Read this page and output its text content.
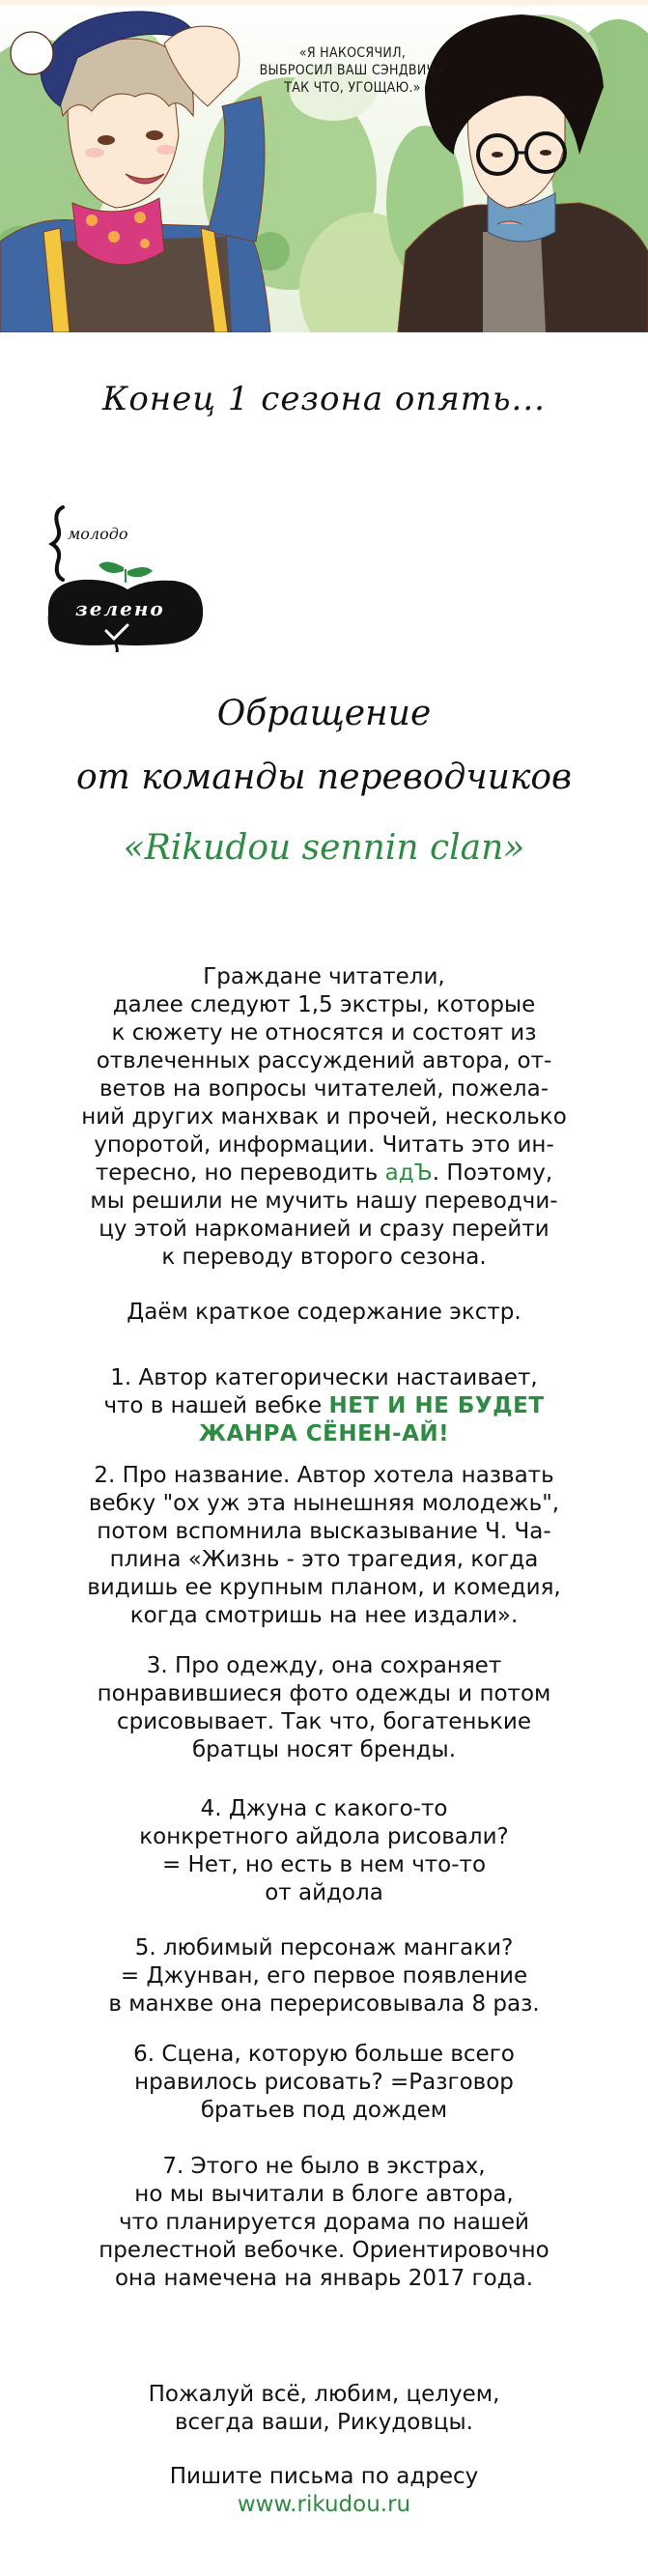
«Я НАКОСЯЧИЛ,
ВЫБРОСИЛ ВАШ СЭНДВИЧ~
ТАК ЧТО, УГОЩАЮ.»
Конец 1 сезона опять...
молодо
зелено
Обращение
от команды переводчиков
«Rikudou sennin clan»
Граждане читатели,
далее следуют 1,5 экстры, которые
к сюжету не относятся и состоят из
отвлеченных рассуждений автора, от-
ветов на вопросы читателей, пожела-
ний других манхвак и прочей, несколько
упоротой, информации. Читать это ин-
тересно, но переводить адЪ. Поэтому,
мы решили не мучить нашу переводчи-
цу этой наркоманией и сразу перейти
к переводу второго сезона.
Даём краткое содержание экстр.
1. Автор категорически настаивает,
что в нашей вебке НЕТ И НЕ БУДЕТ
ЖАНРА СЁНЕН-АЙ!
2. Про название. Автор хотела назвать
вебку "ох уж эта нынешняя молодежь",
потом вспомнила высказывание Ч. Ча-
плина «Жизнь - это трагедия, когда
видишь ее крупным планом, и комедия,
когда смотришь на нее издали».
3. Про одежду, она сохраняет
понравившиеся фото одежды и потом
срисовывает. Так что, богатенькие
братцы носят бренды.
4. Джуна с какого-то
конкретного айдола рисовали?
= Нет, но есть в нем что-то
от айдола
5. любимый персонаж мангаки?
= Джунван, его первое появление
в манхве она перерисовывала 8 раз.
6. Сцена, которую больше всего
нравилось рисовать? =Разговор
братьев под дождем
7. Этого не было в экстрах,
но мы вычитали в блоге автора,
что планируется дорама по нашей
прелестной вебочке. Ориентировочно
она намечена на январь 2017 года.
Пожалуй всё, любим, целуем,
всегда ваши, Рикудовцы.
Пишите письма по адресу
www.rikudou.ru
